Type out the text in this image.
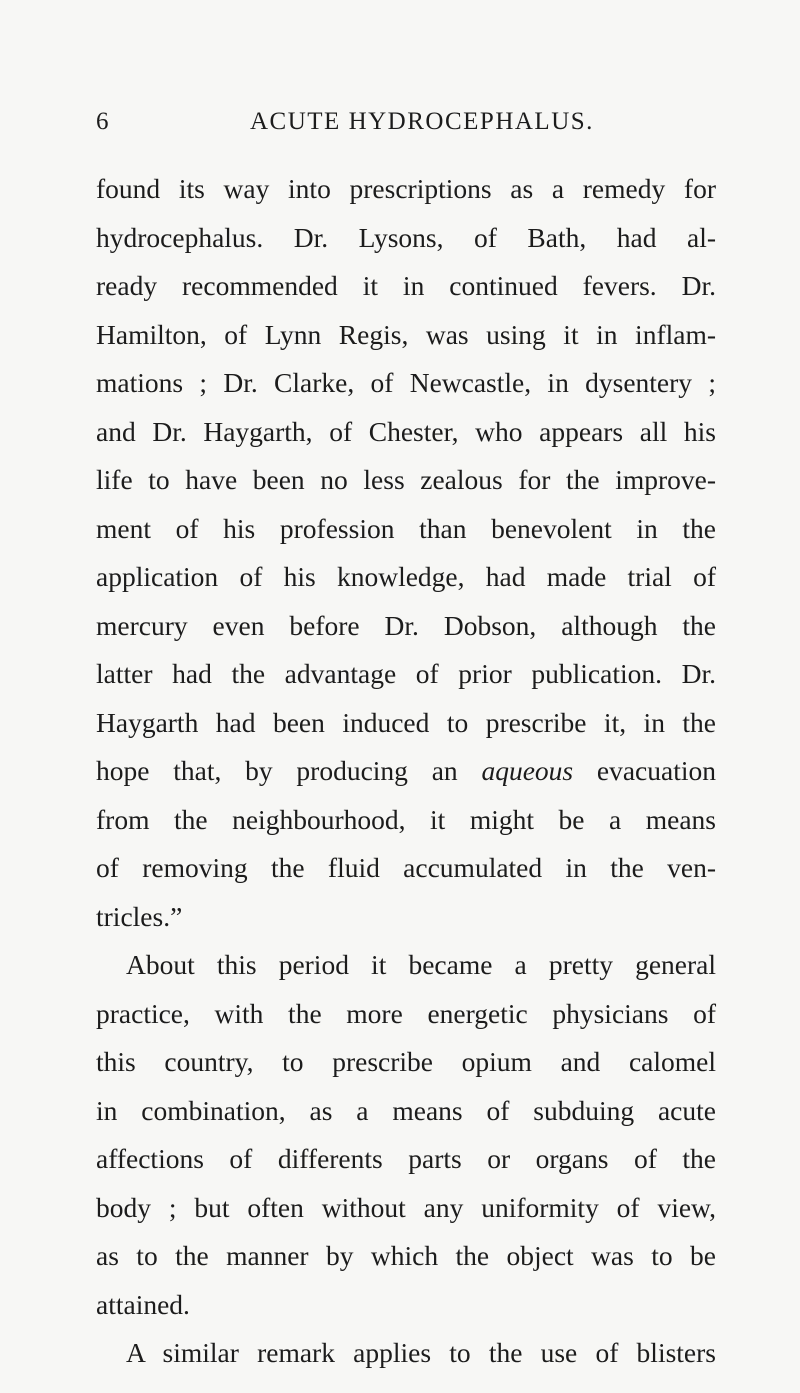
6	ACUTE HYDROCEPHALUS.
found its way into prescriptions as a remedy for
hydrocephalus. Dr. Lysons, of Bath, had al-
ready recommended it in continued fevers. Dr.
Hamilton, of Lynn Regis, was using it in inflam-
mations ; Dr. Clarke, of Newcastle, in dysentery ;
and Dr. Haygarth, of Chester, who appears all his
life to have been no less zealous for the improve-
ment of his profession than benevolent in the
application of his knowledge, had made trial of
mercury even before Dr. Dobson, although the
latter had the advantage of prior publication. Dr.
Haygarth had been induced to prescribe it, in the
hope that, by producing an aqueous evacuation
from the neighbourhood, it might be a means
of removing the fluid accumulated in the ven-
tricles.”
About this period it became a pretty general
practice, with the more energetic physicians of
this country, to prescribe opium and calomel
in combination, as a means of subduing acute
affections of differents parts or organs of the
body ; but often without any uniformity of view,
as to the manner by which the object was to be
attained.
A similar remark applies to the use of blisters
